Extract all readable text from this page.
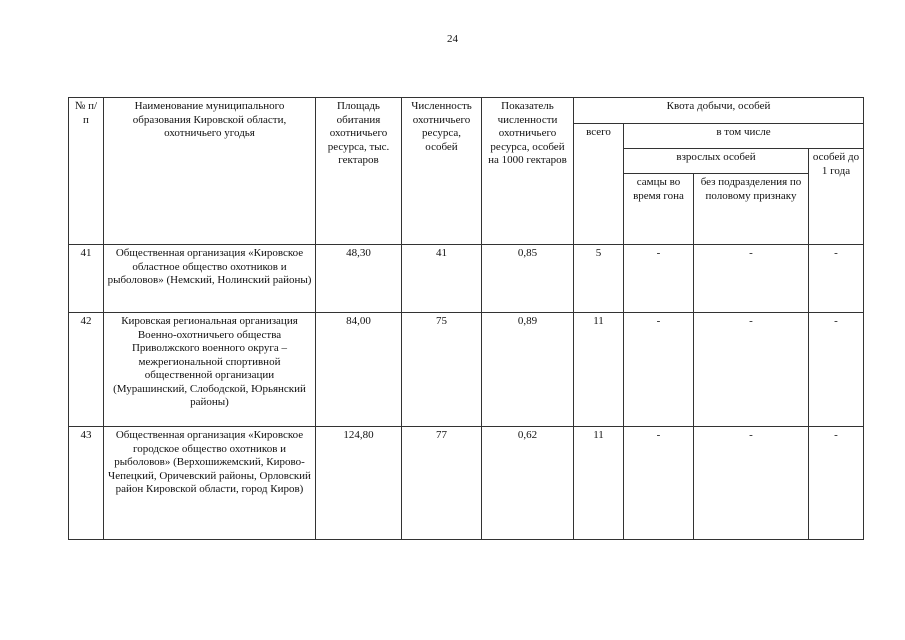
24
№ п/п	Наименование муниципального образования Кировской области, охотничьего угодья	Площадь обитания охотничьего ресурса, тыс. гектаров	Численность охотничьего ресурса, особей	Показатель численности охотничьего ресурса, особей на 1000 гектаров	Квота добычи, особей			
					всего	в том числе		
						взрослых особей		особей до 1 года
						самцы во время гона	без подразделения по половому признаку	
41	Общественная организация «Кировское областное общество охотников и рыболовов» (Немский, Нолинский районы)	48,30	41	0,85	5	-	-	-
42	Кировская региональная организация Военно-охотничьего общества Приволжского военного округа – межрегиональной спортивной общественной организации (Мурашинский, Слободской, Юрьянский районы)	84,00	75	0,89	11	-	-	-
43	Общественная организация «Кировское городское общество охотников и рыболовов» (Верхошижемский, Кирово-Чепецкий, Оричевский районы, Орловский район Кировской области, город Киров)	124,80	77	0,62	11	-	-	-
